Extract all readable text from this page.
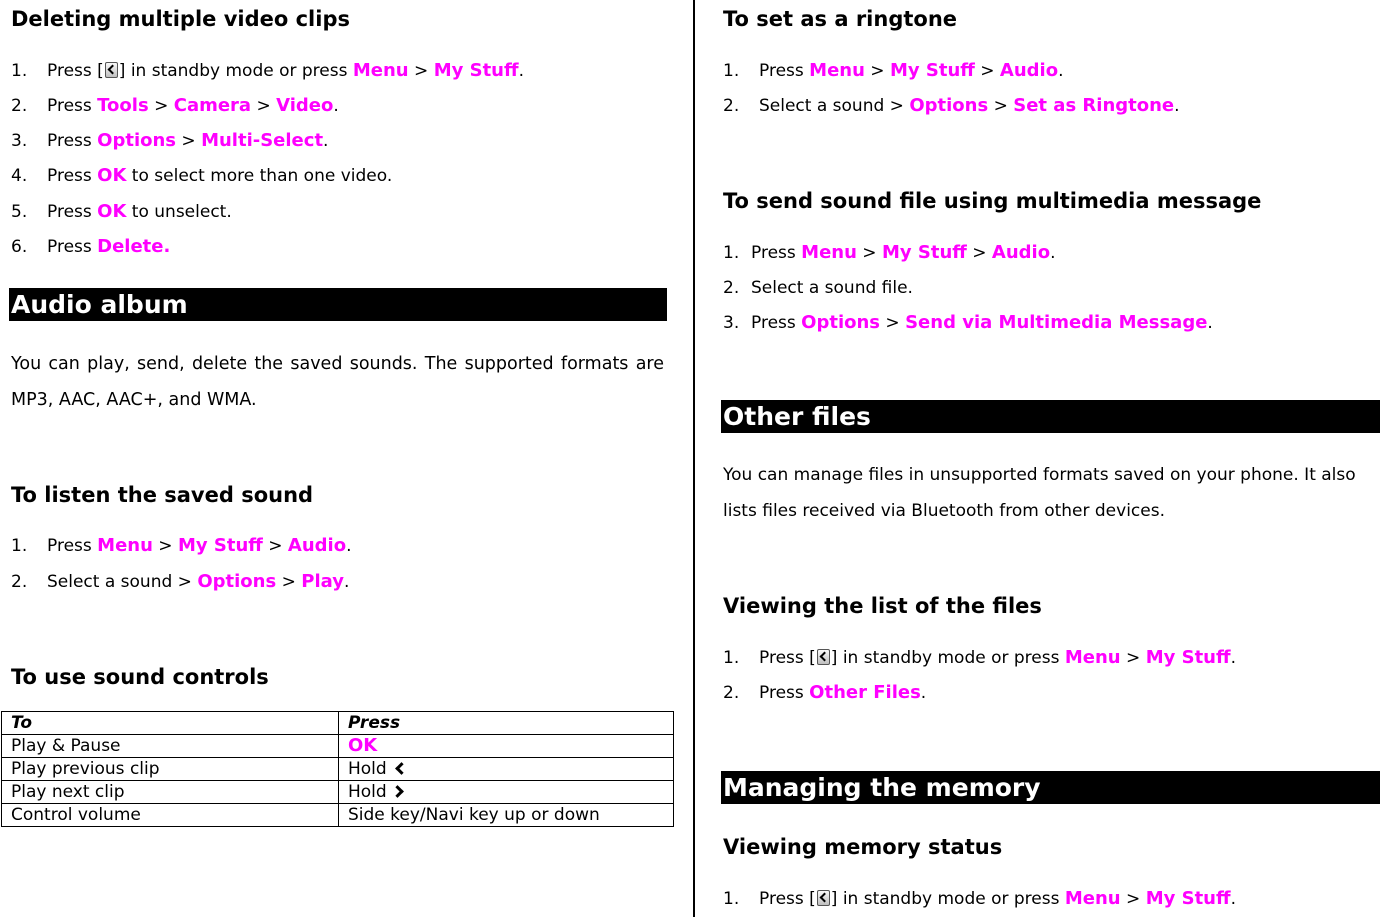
Deleting multiple video clips
1. Press [ ] in standby mode or press Menu > My Stuff.
2. Press Tools > Camera > Video.
3. Press Options > Multi-Select.
4. Press OK to select more than one video.
5. Press OK to unselect.
6. Press Delete.
Audio album
You can play, send, delete the saved sounds. The supported formats are MP3, AAC, AAC+, and WMA.
To listen the saved sound
1. Press Menu > My Stuff > Audio.
2. Select a sound > Options > Play.
To use sound controls
To	Press
Play & Pause	OK
Play previous clip	Hold
Play next clip	Hold
Control volume	Side key/Navi key up or down
To set as a ringtone
1. Press Menu > My Stuff > Audio.
2. Select a sound > Options > Set as Ringtone.
To send sound file using multimedia message
1. Press Menu > My Stuff > Audio.
2. Select a sound file.
3. Press Options > Send via Multimedia Message.
Other files
You can manage files in unsupported formats saved on your phone. It also lists files received via Bluetooth from other devices.
Viewing the list of the files
1. Press [ ] in standby mode or press Menu > My Stuff.
2. Press Other Files.
Managing the memory
Viewing memory status
1. Press [ ] in standby mode or press Menu > My Stuff.
